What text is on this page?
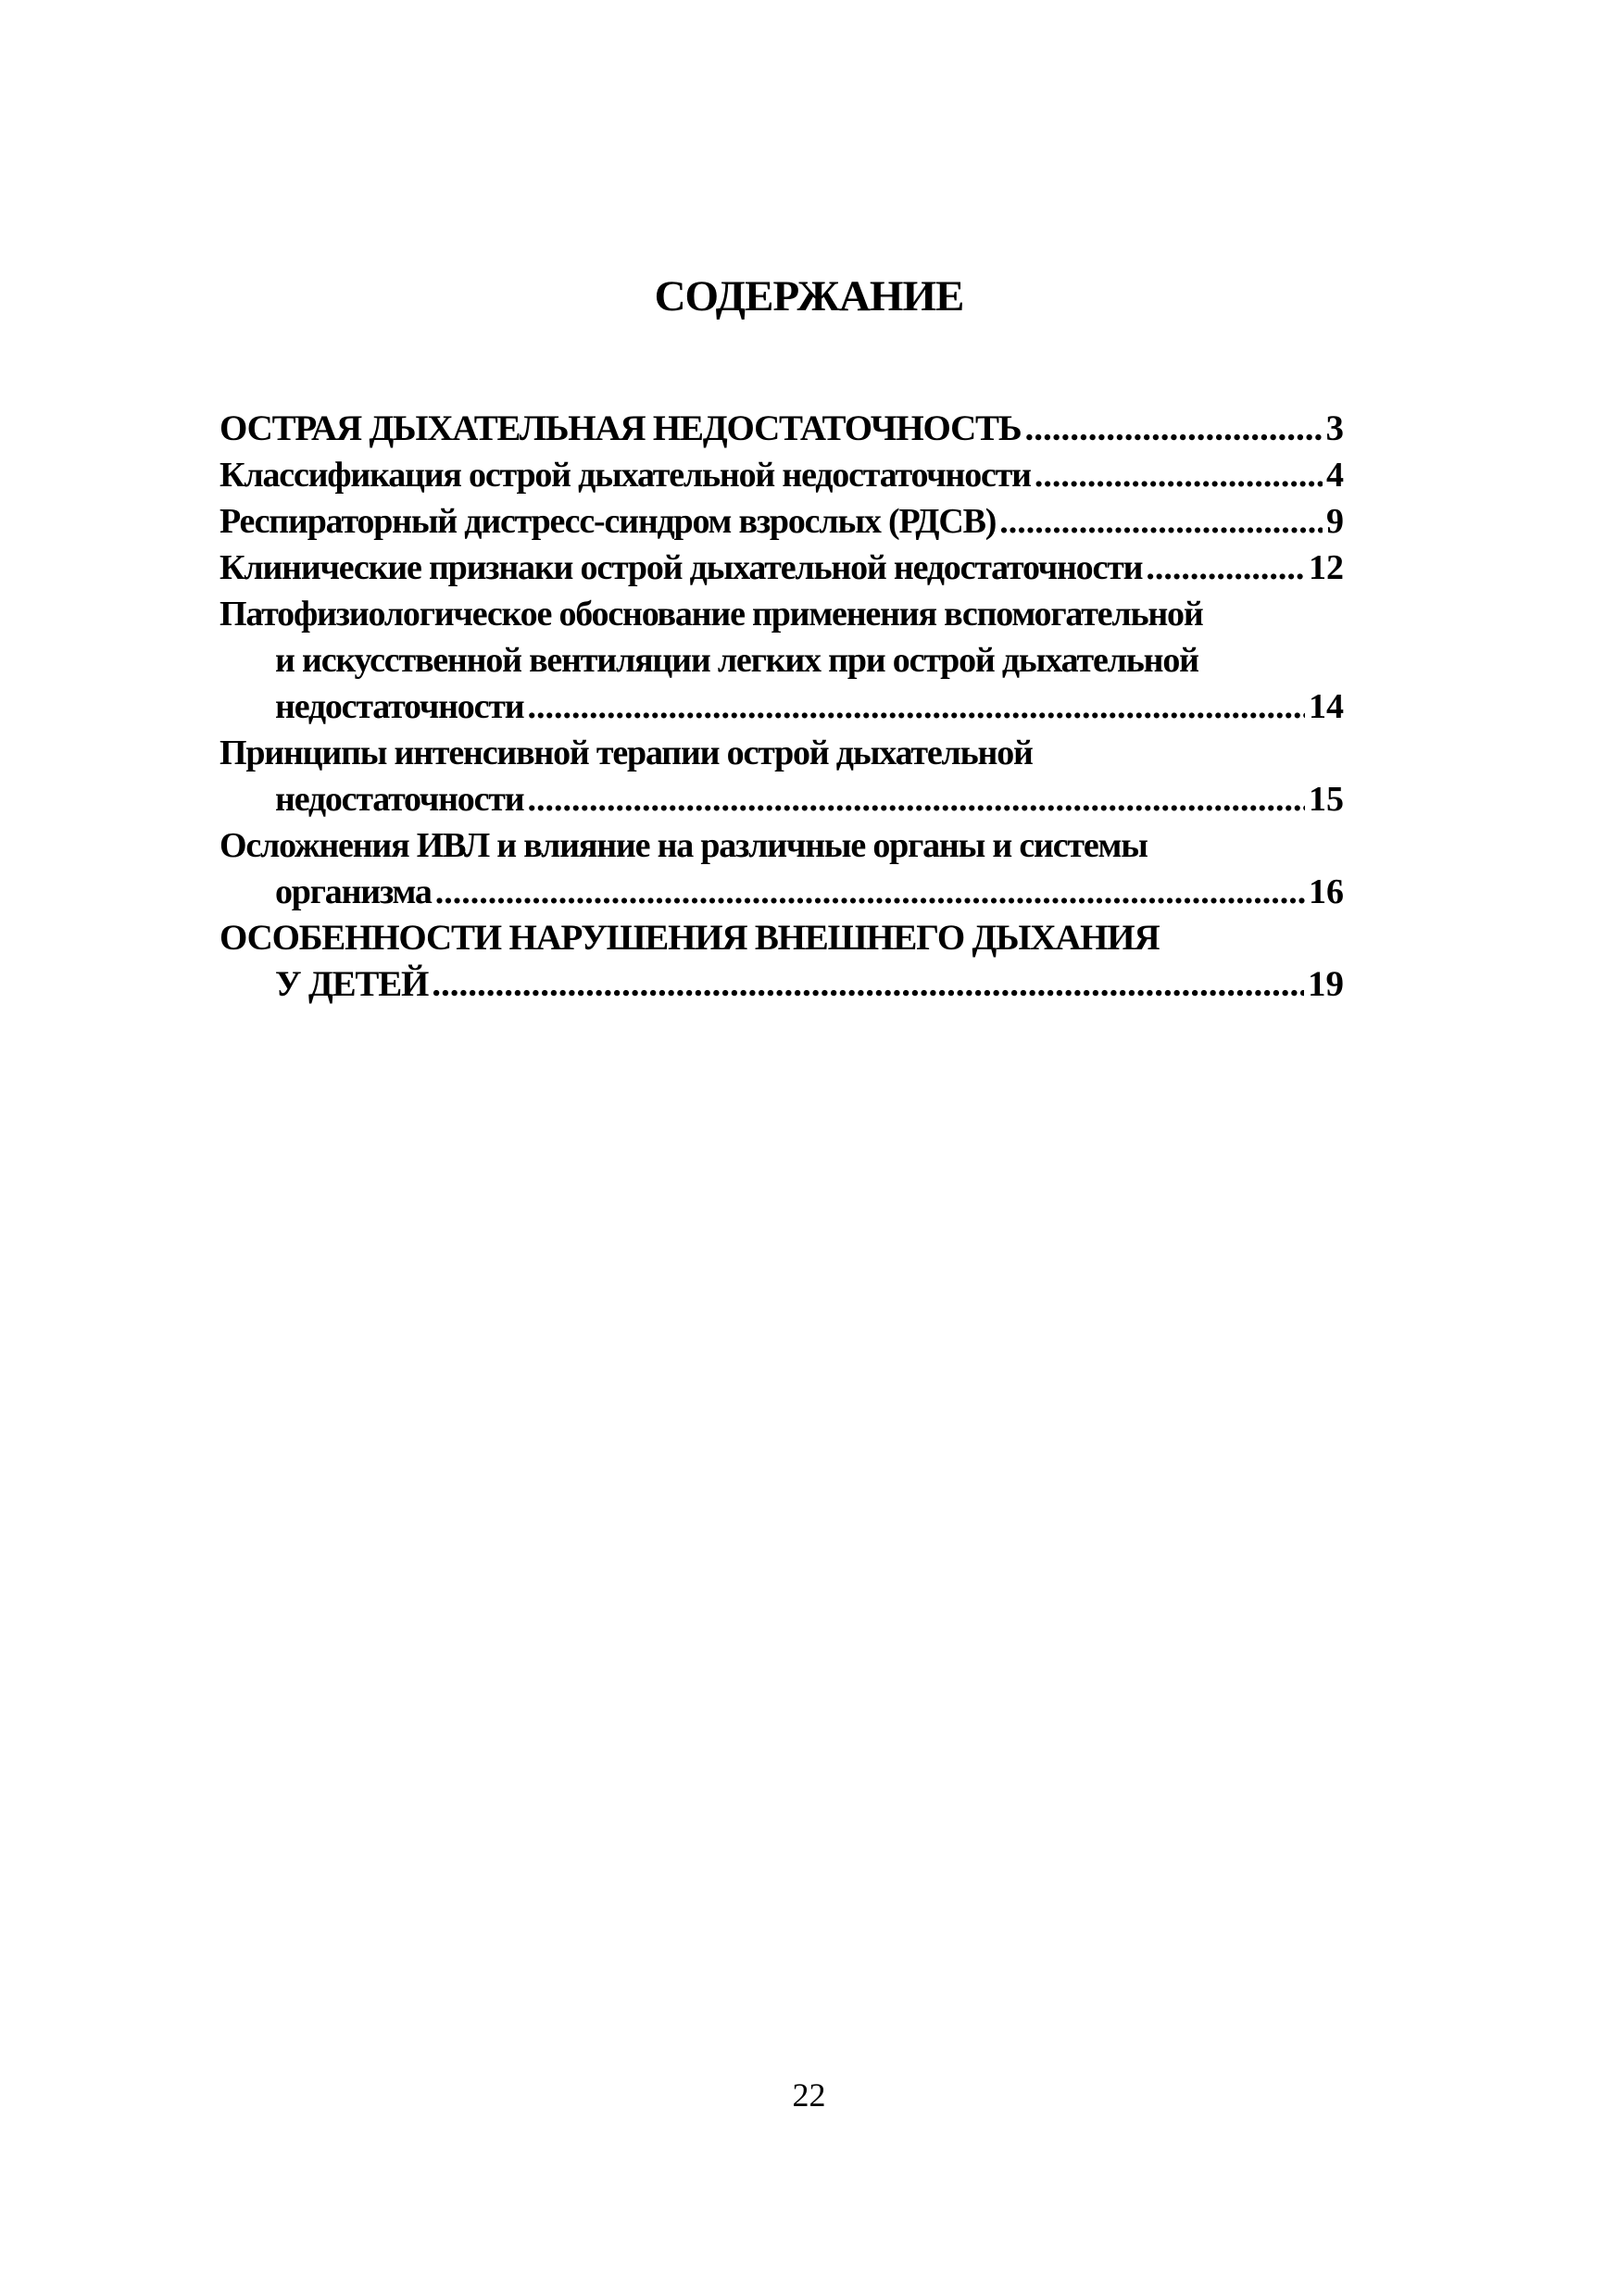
СОДЕРЖАНИЕ
ОСТРАЯ ДЫХАТЕЛЬНАЯ НЕДОСТАТОЧНОСТЬ .....	3
Классификация острой дыхательной недостаточности .....	4
Респираторный дистресс-синдром взрослых (РДСВ) .....	9
Клинические признаки острой дыхательной недостаточности .....	12
Патофизиологическое обоснование применения вспомогательной
и искусственной вентиляции легких при острой дыхательной
недостаточности .....	14
Принципы интенсивной терапии острой дыхательной
недостаточности .....	15
Осложнения ИВЛ и влияние на различные органы и системы
организма .....	16
ОСОБЕННОСТИ НАРУШЕНИЯ ВНЕШНЕГО ДЫХАНИЯ
У ДЕТЕЙ .....	19
22
